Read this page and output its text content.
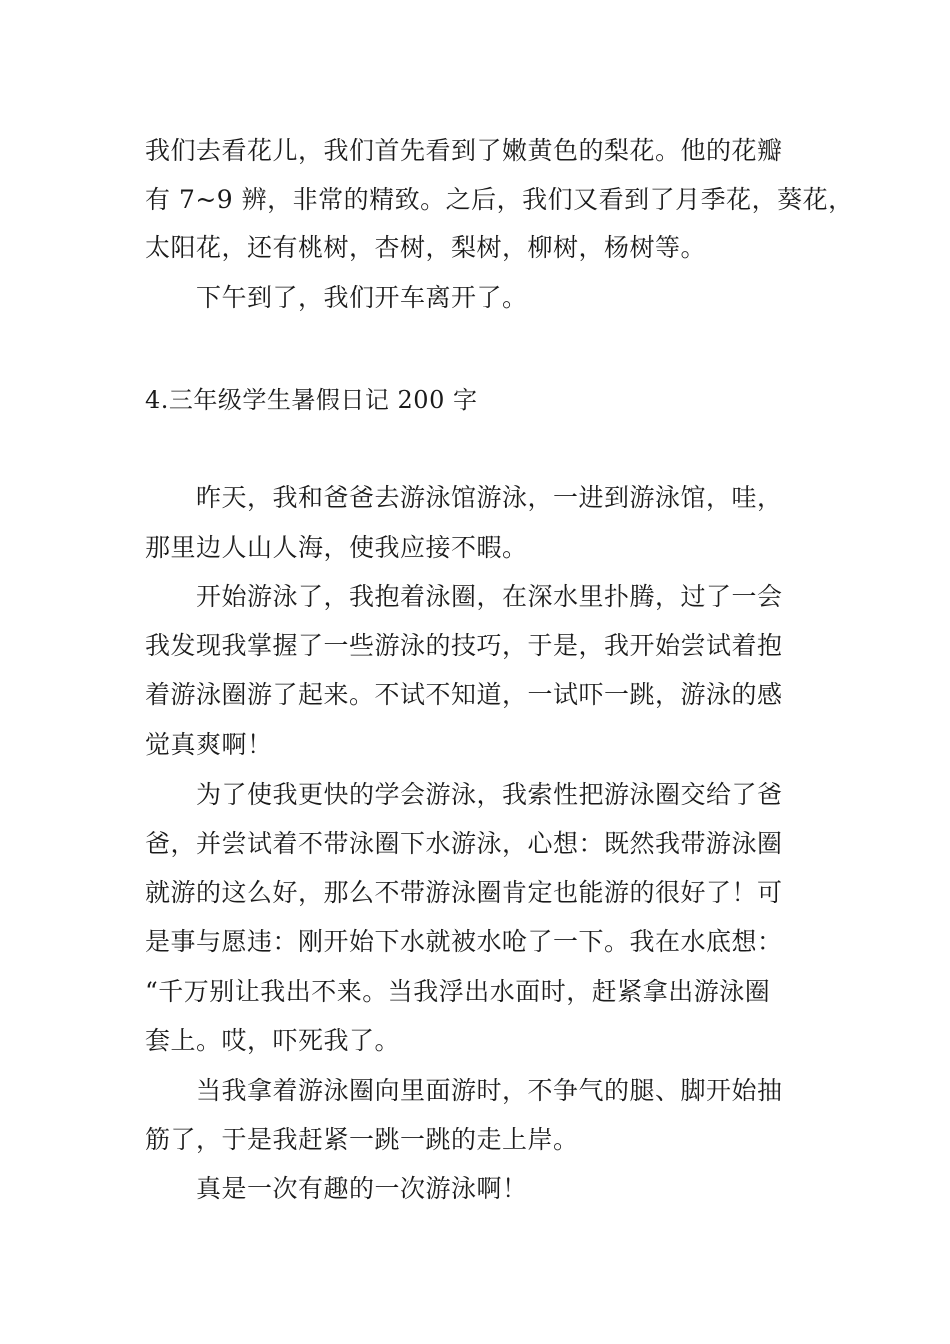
我们去看花儿，我们首先看到了嫩黄色的梨花。他的花瓣
有 7~9 辨，非常的精致。之后，我们又看到了月季花，葵花，
太阳花，还有桃树，杏树，梨树，柳树，杨树等。
下午到了，我们开车离开了。
4.三年级学生暑假日记 200 字
昨天，我和爸爸去游泳馆游泳，一进到游泳馆，哇，
那里边人山人海，使我应接不暇。
开始游泳了，我抱着泳圈，在深水里扑腾，过了一会
我发现我掌握了一些游泳的技巧，于是，我开始尝试着抱
着游泳圈游了起来。不试不知道，一试吓一跳，游泳的感
觉真爽啊！
为了使我更快的学会游泳，我索性把游泳圈交给了爸
爸，并尝试着不带泳圈下水游泳，心想：既然我带游泳圈
就游的这么好，那么不带游泳圈肯定也能游的很好了！可
是事与愿违：刚开始下水就被水呛了一下。我在水底想：
“千万别让我出不来。当我浮出水面时，赶紧拿出游泳圈
套上。哎，吓死我了。
当我拿着游泳圈向里面游时，不争气的腿、脚开始抽
筋了，于是我赶紧一跳一跳的走上岸。
真是一次有趣的一次游泳啊！
